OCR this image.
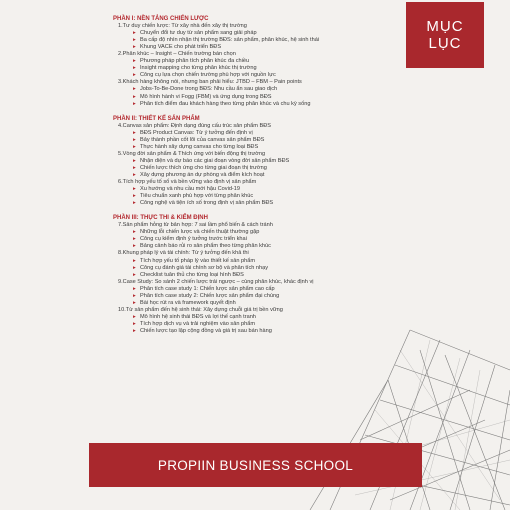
MỤC
LỤC
PHẦN I: NỀN TẢNG CHIẾN LƯỢC
1.Tư duy chiến lược: Từ xây nhà đến xây thị trường
▸ Chuyển đổi tư duy từ sản phẩm sang giải pháp
▸ Ba cấp độ nhìn nhận thị trường BĐS: sản phẩm, phân khúc, hệ sinh thái
▸ Khung VACE cho phát triển BĐS
2.Phân khúc – Insight – Chiến trường bán chọn
▸ Phương pháp phân tích phân khúc đa chiều
▸ Insight mapping cho từng phân khúc thị trường
▸ Công cụ lựa chọn chiến trường phù hợp với nguồn lực
3.Khách hàng không nói, nhưng ban phải hiểu: JTBD – FBM – Pain points
▸ Jobs-To-Be-Done trong BĐS: Nhu cầu ẩn sau giao dịch
▸ Mô hình hành vi Fogg (FBM) và ứng dụng trong BĐS
▸ Phân tích điểm đau khách hàng theo từng phân khúc và chu kỳ sống
PHẦN II: THIẾT KẾ SẢN PHẨM
4.Canvas sản phẩm: Định dạng đúng cấu trúc sản phẩm BĐS
▸ BĐS Product Canvas: Từ ý tưởng đến định vị
▸ Bảy thành phần cốt lõi của canvas sản phẩm BĐS
▸ Thực hành xây dựng canvas cho từng loại BĐS
5.Vòng đời sản phẩm & Thích ứng với biến động thị trường
▸ Nhận diện và dự báo các giai đoạn vòng đời sản phẩm BĐS
▸ Chiến lược thích ứng cho từng giai đoạn thị trường
▸ Xây dựng phương án dự phòng và điểm kích hoạt
6.Tích hợp yếu tố số và bền vững vào định vị sản phẩm
▸ Xu hướng và nhu cầu mới hậu Covid-19
▸ Tiêu chuẩn xanh phù hợp với từng phân khúc
▸ Công nghệ và tiện ích số trong định vị sản phẩm BĐS
PHẦN III: THỰC THI & KIỂM ĐỊNH
7.Sản phẩm hỏng từ bản hợp: 7 sai lầm phổ biến & cách tránh
▸ Những lỗi chiến lược và chiến thuật thường gặp
▸ Công cụ kiểm định ý tưởng trước triển khai
▸ Bảng cảnh báo rủi ro sản phẩm theo từng phân khúc
8.Khung pháp lý và tài chính: Từ ý tưởng đến khả thi
▸ Tích hợp yếu tố pháp lý vào thiết kế sản phẩm
▸ Công cụ đánh giá tài chính sơ bộ và phân tích nhạy
▸ Checklist tuân thủ cho từng loại hình BĐS
9.Case Study: So sánh 2 chiến lược trái ngược – cùng phân khúc, khác định vị
▸ Phân tích case study 1: Chiến lược sản phẩm cao cấp
▸ Phân tích case study 2: Chiến lược sản phẩm đại chúng
▸ Bài học rút ra và framework quyết định
10.Từ sản phẩm đến hệ sinh thái: Xây dựng chuỗi giá trị bền vững
▸ Mô hình hệ sinh thái BĐS và lợi thế cạnh tranh
▸ Tích hợp dịch vụ và trải nghiệm vào sản phẩm
▸ Chiến lược tạo lập cộng đồng và giá trị sau bán hàng
PROPIIN BUSINESS SCHOOL
